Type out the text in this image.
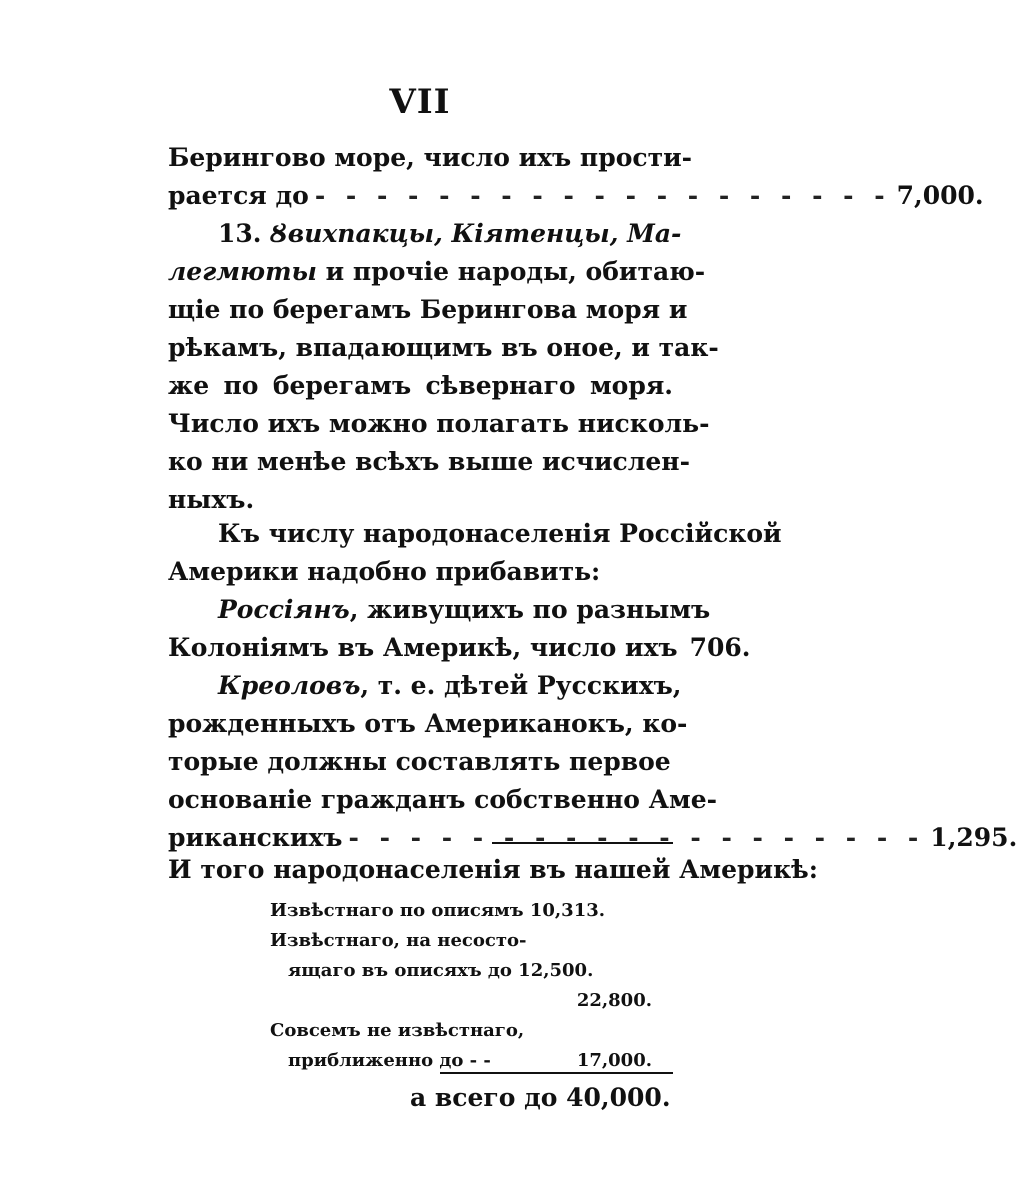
VII
Берингово море, число ихъ прости-
рается до - - - - - - - - - - - - - - - - - - - 7,000.
13. Ȣвихпакцы, Кіятенцы, Ма-
легмюты и прочіе народы, обитаю-
щіе по берегамъ Берингова моря и
рѣкамъ, впадающимъ въ оное, и так-
же по берегамъ сѣвернаго моря.
Число ихъ можно полагать нисколь-
ко ни менѣе всѣхъ выше исчислен-
ныхъ.
Къ числу народонаселенія Россійской
Америки надобно прибавить:
Россіянъ, живущихъ по разнымъ
Колоніямъ въ Америкѣ, число ихъ 706.
Креоловъ, т. е. дѣтей Русскихъ,
рожденныхъ отъ Американокъ, ко-
торые должны составлять первое
основаніе гражданъ собственно Аме-
риканскихъ - - - - - - - - - - - - - - - - - - - 1,295.
И того народонаселенія въ нашей Америкѣ:
Извѣстнаго по описямъ 10,313.
Извѣстнаго, на несосто-
ящаго въ описяхъ до 12,500.
22,800.
Совсемъ не извѣстнаго,
приближенно до - -	17,000.
а всего до 40,000.
